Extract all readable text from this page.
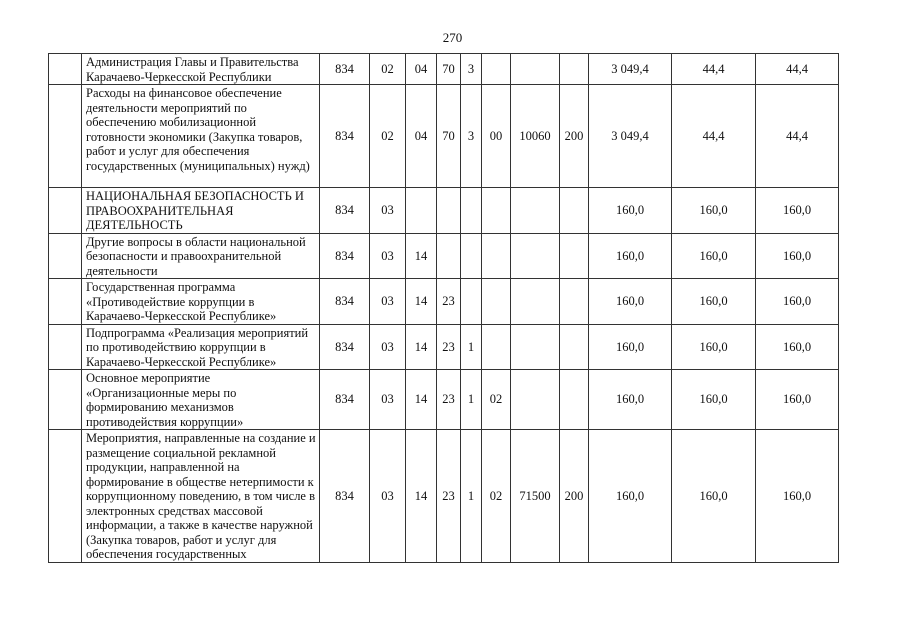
270
	Администрация Главы и Правительства Карачаево-Черкесской Республики	834	02	04	70	3				3 049,4	44,4	44,4
	Расходы на финансовое обеспечение деятельности мероприятий по обеспечению мобилизационной готовности экономики (Закупка товаров, работ и услуг для обеспечения государственных (муниципальных) нужд)	834	02	04	70	3	00	10060	200	3 049,4	44,4	44,4
	НАЦИОНАЛЬНАЯ БЕЗОПАСНОСТЬ И ПРАВООХРАНИТЕЛЬНАЯ ДЕЯТЕЛЬНОСТЬ	834	03							160,0	160,0	160,0
	Другие вопросы в области национальной безопасности и правоохранительной деятельности	834	03	14						160,0	160,0	160,0
	Государственная программа «Противодействие коррупции в Карачаево-Черкесской Республике»	834	03	14	23					160,0	160,0	160,0
	Подпрограмма «Реализация мероприятий по противодействию коррупции в Карачаево-Черкесской Республике»	834	03	14	23	1				160,0	160,0	160,0
	Основное мероприятие «Организационные меры по формированию механизмов противодействия коррупции»	834	03	14	23	1	02			160,0	160,0	160,0
	Мероприятия, направленные на создание и размещение социальной рекламной продукции, направленной на формирование в обществе нетерпимости к коррупционному поведению, в том числе в электронных средствах массовой информации, а также в качестве наружной (Закупка товаров, работ и услуг для обеспечения государственных	834	03	14	23	1	02	71500	200	160,0	160,0	160,0
